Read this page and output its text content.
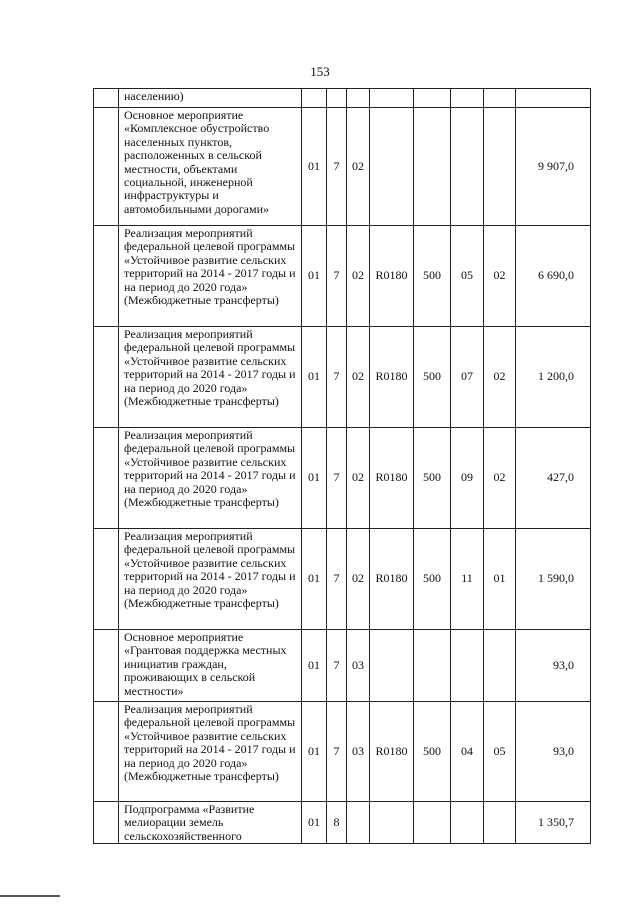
153
	населению)								
	Основное мероприятие «Комплексное обустройство населенных пунктов, расположенных в сельской местности, объектами социальной, инженерной инфраструктуры и автомобильными дорогами»	01	7	02					9 907,0
	Реализация мероприятий федеральной целевой программы «Устойчивое развитие сельских территорий на 2014 - 2017 годы и на период до 2020 года» (Межбюджетные трансферты)	01	7	02	R0180	500	05	02	6 690,0
	Реализация мероприятий федеральной целевой программы «Устойчивое развитие сельских территорий на 2014 - 2017 годы и на период до 2020 года» (Межбюджетные трансферты)	01	7	02	R0180	500	07	02	1 200,0
	Реализация мероприятий федеральной целевой программы «Устойчивое развитие сельских территорий на 2014 - 2017 годы и на период до 2020 года» (Межбюджетные трансферты)	01	7	02	R0180	500	09	02	427,0
	Реализация мероприятий федеральной целевой программы «Устойчивое развитие сельских территорий на 2014 - 2017 годы и на период до 2020 года» (Межбюджетные трансферты)	01	7	02	R0180	500	11	01	1 590,0
	Основное мероприятие «Грантовая поддержка местных инициатив граждан, проживающих в сельской местности»	01	7	03					93,0
	Реализация мероприятий федеральной целевой программы «Устойчивое развитие сельских территорий на 2014 - 2017 годы и на период до 2020 года» (Межбюджетные трансферты)	01	7	03	R0180	500	04	05	93,0
	Подпрограмма «Развитие мелиорации земель сельскохозяйственного	01	8						1 350,7
